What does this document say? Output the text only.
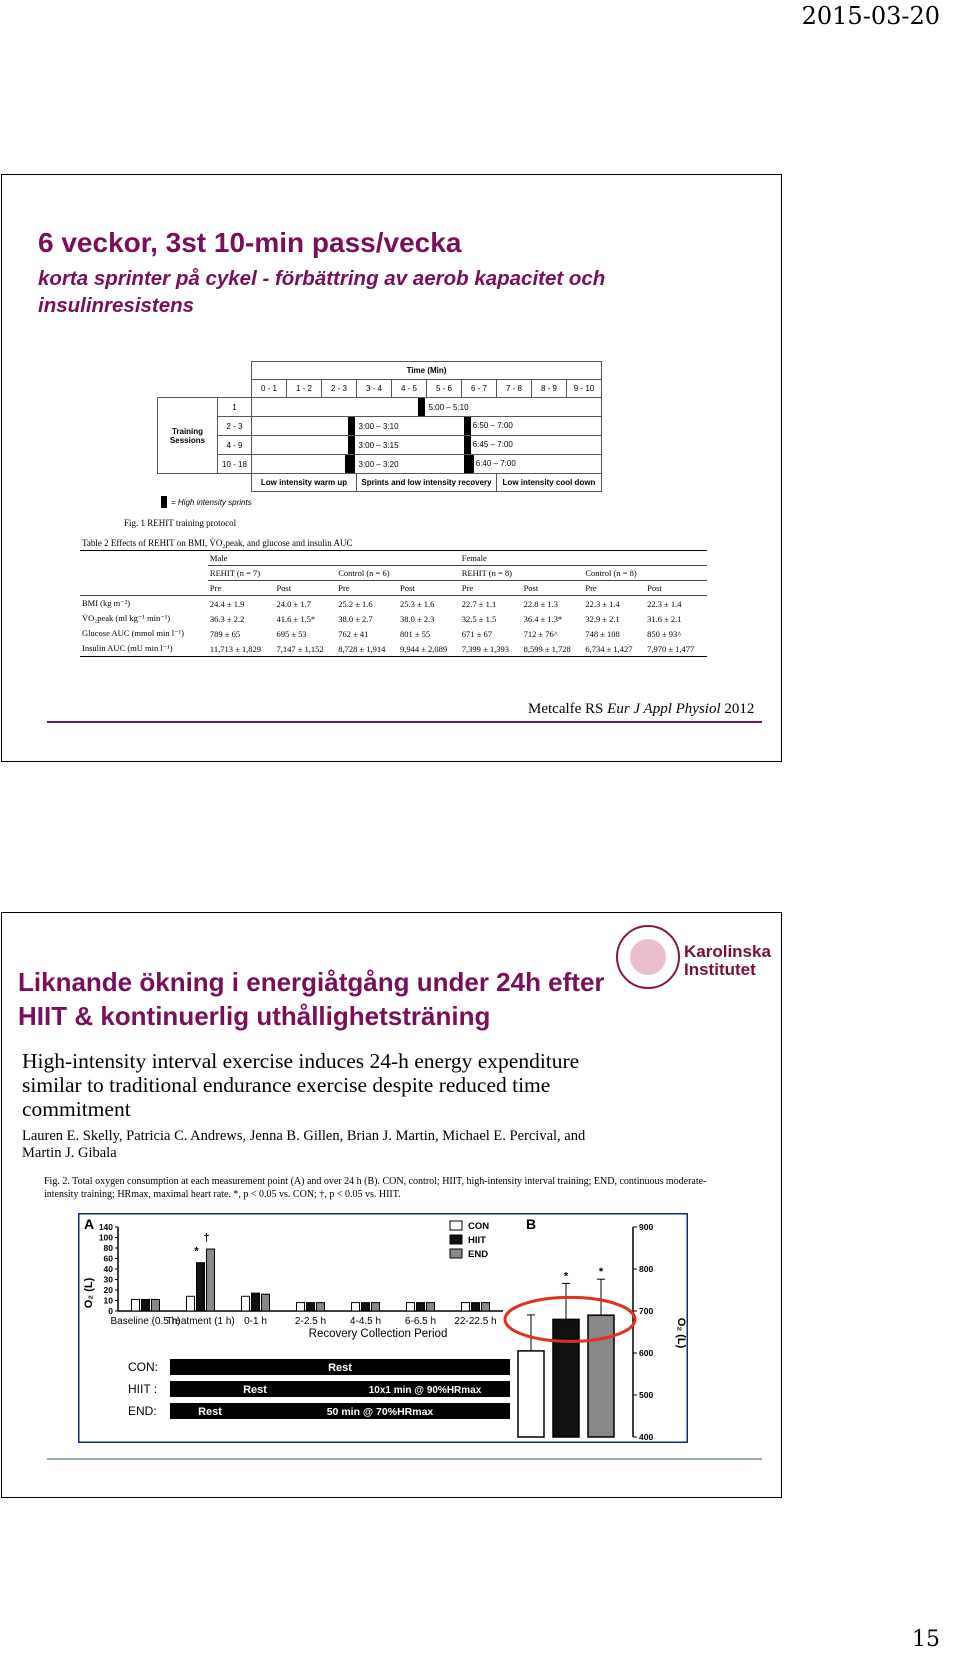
2015-03-20
6 veckor, 3st 10-min pass/vecka
korta sprinter på cykel - förbättring av aerob kapacitet och insulinresistens
		Time (Min)									
		0 - 1	1 - 2	2 - 3	3 - 4	4 - 5	5 - 6	6 - 7	7 - 8	8 - 9	9 - 10
Training Sessions	1						5:00 – 5:10				
	2 - 3				3:00 – 3:10			6:50 – 7:00			
	4 - 9				3:00 – 3:15			6:45 – 7:00			
	10 - 18				3:00 – 3:20			6:40 – 7:00			
		Low intensity warm up			Sprints and low intensity recovery				Low intensity cool down		
= High intensity sprints
Fig. 1 REHIT training protocol
Table 2 Effects of REHIT on BMI, V̇O₂peak, and glucose and insulin AUC
	Male				Female			
	REHIT (n = 7)		Control (n = 6)		REHIT (n = 8)		Control (n = 8)	
	Pre	Post	Pre	Post	Pre	Post	Pre	Post
BMI (kg m⁻²)	24.4 ± 1.9	24.0 ± 1.7	25.2 ± 1.6	25.3 ± 1.6	22.7 ± 1.1	22.8 ± 1.3	22.3 ± 1.4	22.3 ± 1.4
V̇O₂peak (ml kg⁻¹ min⁻¹)	36.3 ± 2.2	41.6 ± 1.5*	38.0 ± 2.7	38.0 ± 2.3	32.5 ± 1.5	36.4 ± 1.3*	32.9 ± 2.1	31.6 ± 2.1
Glucose AUC (mmol min l⁻¹)	789 ± 65	695 ± 53	762 ± 41	801 ± 55	671 ± 67	712 ± 76^	748 ± 108	850 ± 93^
Insulin AUC (mU min l⁻¹)	11,713 ± 1,829	7,147 ± 1,152	8,728 ± 1,914	9,944 ± 2,089	7,399 ± 1,393	8,599 ± 1,728	6,734 ± 1,427	7,970 ± 1,477
Metcalfe RS Eur J Appl Physiol 2012
Liknande ökning i energiåtgång under 24h efter HIIT & kontinuerlig uthållighetsträning
Karolinska
Institutet
High-intensity interval exercise induces 24-h energy expenditure similar to traditional endurance exercise despite reduced time commitment
Lauren E. Skelly, Patricia C. Andrews, Jenna B. Gillen, Brian J. Martin, Michael E. Percival, and Martin J. Gibala
Fig. 2. Total oxygen consumption at each measurement point (A) and over 24 h (B). CON, control; HIIT, high-intensity interval training; END, continuous moderate-intensity training; HRmax, maximal heart rate. *, p < 0.05 vs. CON; †, p < 0.05 vs. HIIT.
A	B
O₂ (L)
O₂ (L)
0
10
20
30
40
60
80
100
140
Baseline (0.5 h)
Treatment (1 h) 0-1 h	2-2.5 h 4-4.5 h 6-6.5 h 22-22.5 h
*
†
400
500
600
700
800
900
*	*
CON
HIIT
END
Recovery Collection Period
CON:
HIIT :
END:
Rest
Rest	10x1 min @ 90%HRmax
Rest	50 min @ 70%HRmax
15
